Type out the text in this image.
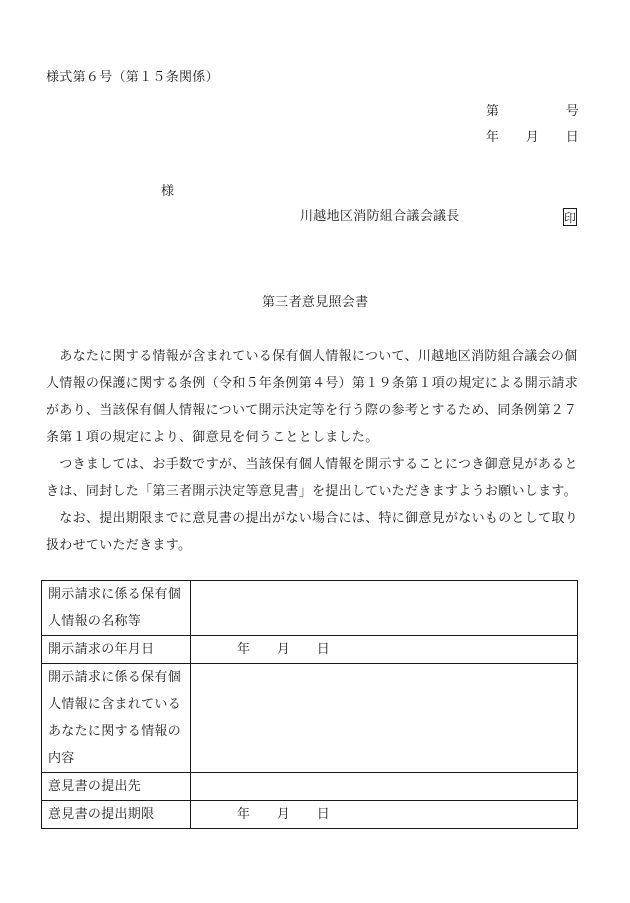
様式第６号（第１５条関係）
第　　　　　号
年　　月　　日
様
川越地区消防組合議会議長	印
第三者意見照会書
　あなたに関する情報が含まれている保有個人情報について、川越地区消防組合議会の個
人情報の保護に関する条例（令和５年条例第４号）第１９条第１項の規定による開示請求
があり、当該保有個人情報について開示決定等を行う際の参考とするため、同条例第２７
条第１項の規定により、御意見を伺うこととしました。
　つきましては、お手数ですが、当該保有個人情報を開示することにつき御意見があると
きは、同封した「第三者開示決定等意見書」を提出していただきますようお願いします。
　なお、提出期限までに意見書の提出がない場合には、特に御意見がないものとして取り
扱わせていただきます。
開示請求に係る保有個
人情報の名称等	

開示請求の年月日	年　　月　　日

開示請求に係る保有個
人情報に含まれている
あなたに関する情報の
内容	

意見書の提出先	

意見書の提出期限	年　　月　　日
